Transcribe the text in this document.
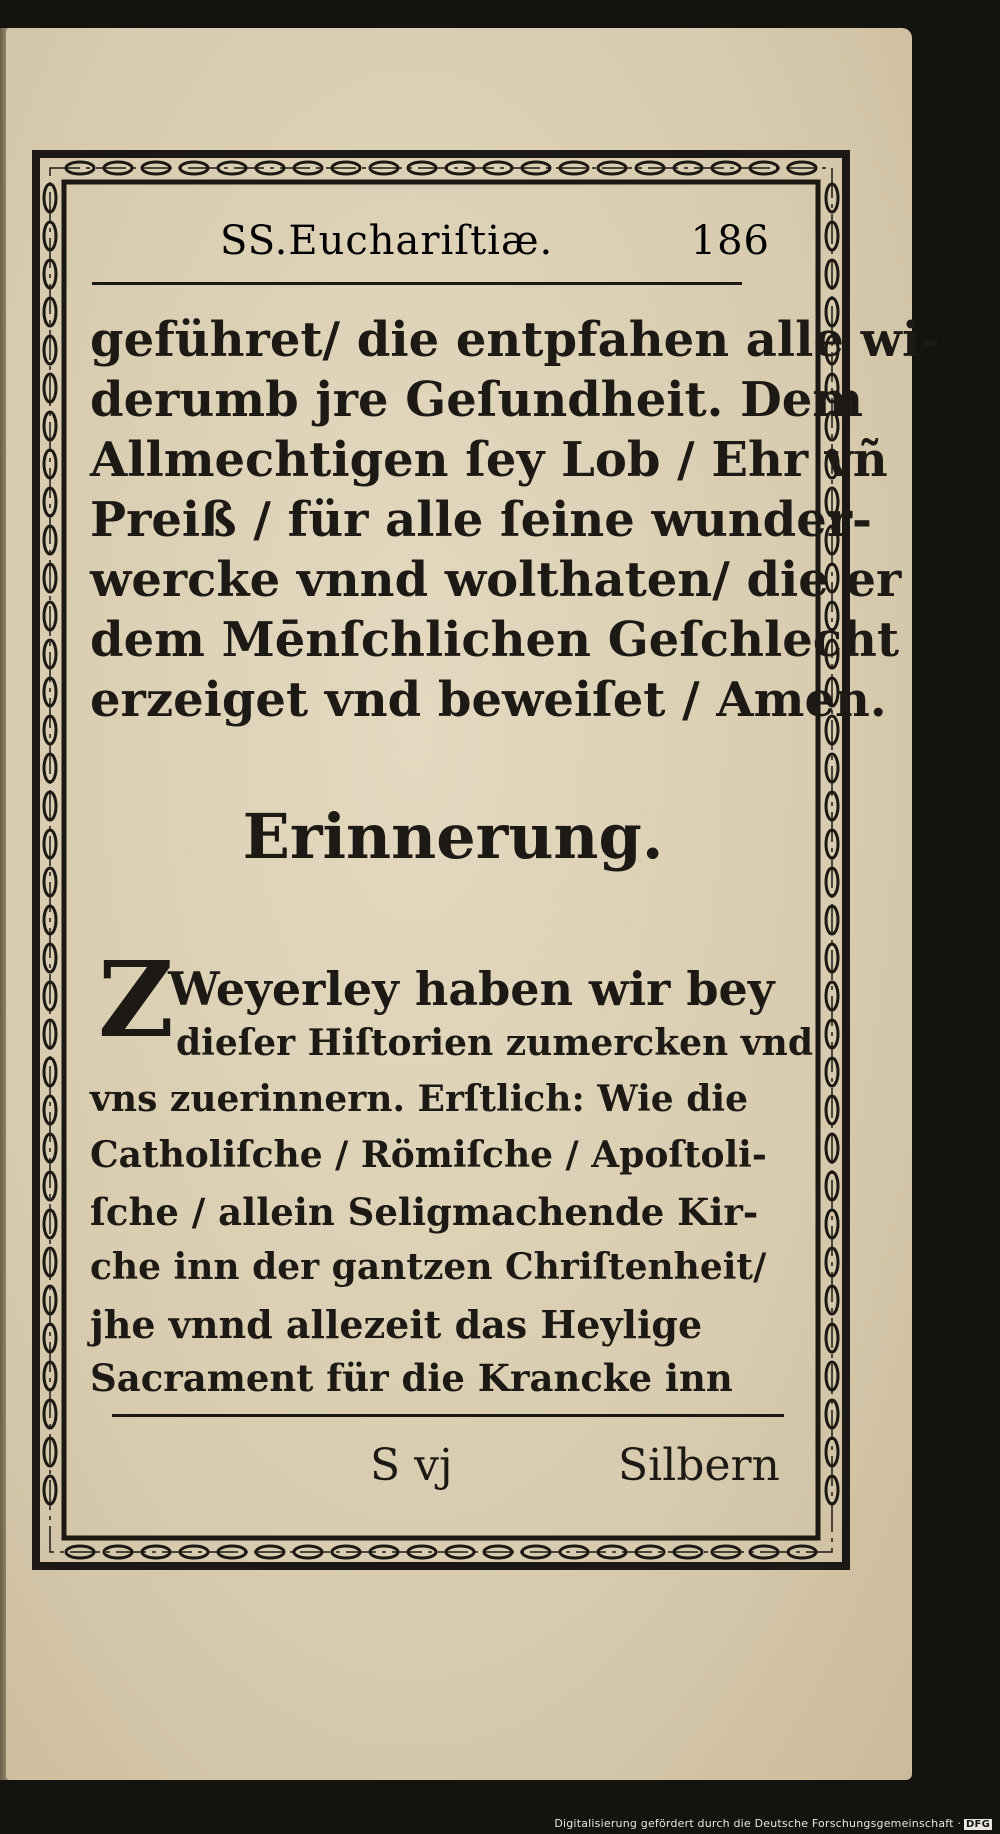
SS.Euchariſtiæ.	186
geführet/ die entpfahen alle wi-
derumb jre Geſundheit. Dem
Allmechtigen ſey Lob / Ehr vñ
Preiß / für alle ſeine wunder-
wercke vnnd wolthaten/ die er
dem Mēnſchlichen Geſchlecht
erzeiget vnd beweiſet / Amen.
Erinnerung.
Z
Weyerley haben wir bey
dieſer Hiſtorien zumercken vnd
vns zuerinnern. Erſtlich: Wie die
Catholiſche / Römiſche / Apoſtoli-
ſche / allein Seligmachende Kir-
che inn der gantzen Chriſtenheit/
jhe vnnd allezeit das Heylige
Sacrament für die Krancke inn
S vj	Silbern
Digitalisierung gefördert durch die Deutsche Forschungsgemeinschaft · DFG
